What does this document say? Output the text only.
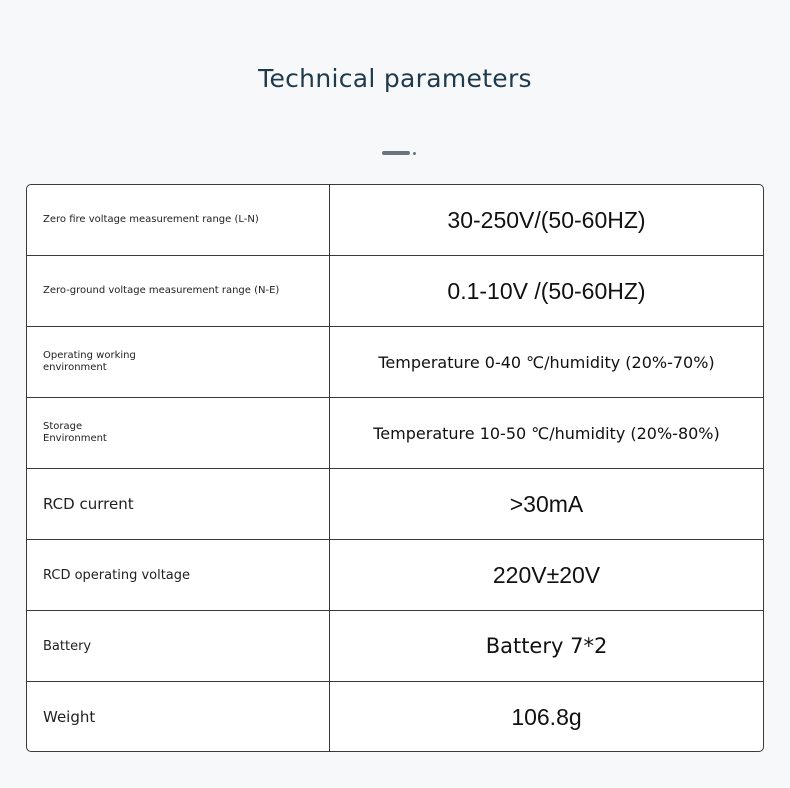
Technical parameters
Zero fire voltage measurement range (L-N)	30-250V/(50-60HZ)
Zero-ground voltage measurement range (N-E)	0.1-10V /(50-60HZ)
Operating working
environment	Temperature 0-40 ℃/humidity (20%-70%)
Storage
Environment	Temperature 10-50 ℃/humidity (20%-80%)
RCD current	>30mA
RCD operating voltage	220V±20V
Battery	Battery 7*2
Weight	106.8g
